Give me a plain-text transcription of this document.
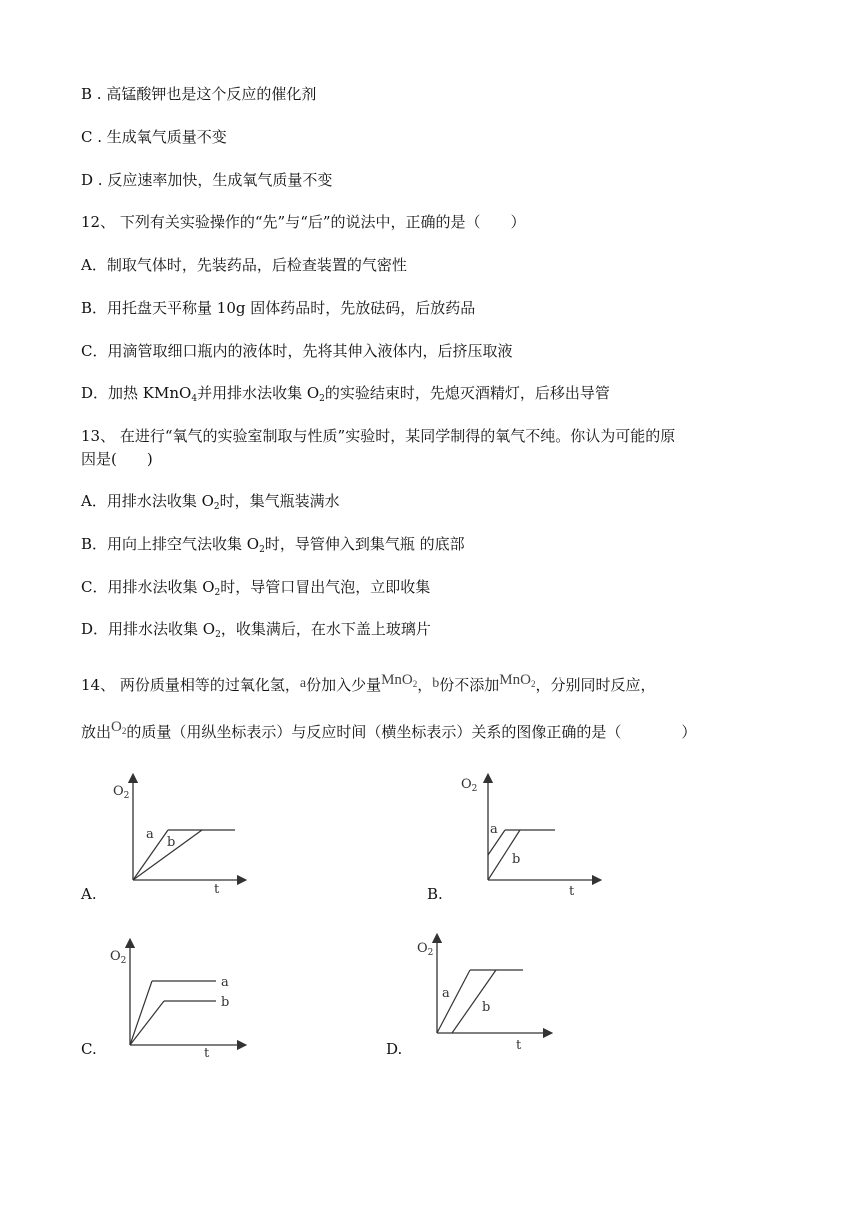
B . 高锰酸钾也是这个反应的催化剂
C . 生成氧气质量不变
D . 反应速率加快，生成氧气质量不变
12、 下列有关实验操作的“先”与“后”的说法中，正确的是（　　）
A．制取气体时，先装药品，后检查装置的气密性
B．用托盘天平称量 10g 固体药品时，先放砝码，后放药品
C．用滴管取细口瓶内的液体时，先将其伸入液体内，后挤压取液
D．加热 KMnO$_4$并用排水法收集 $O_2$的实验结束时，先熄灭酒精灯，后移出导管
13、 在进行“氧气的实验室制取与性质”实验时，某同学制得的氧气不纯。你认为可能的原
因是(　　)
A．用排水法收集 $O_2$时，集气瓶装满水
B．用向上排空气法收集 $O_2$时，导管伸入到集气瓶 的底部
C．用排水法收集 $O_2$时，导管口冒出气泡，立即收集
D．用排水法收集 $O_2$，收集满后，在水下盖上玻璃片
14、 两份质量相等的过氧化氢，a份加入少量MnO$_2$，b份不添加MnO$_2$，分别同时反应，
放出$O_2$的质量（用纵坐标表示）与反应时间（横坐标表示）关系的图像正确的是（　　　　）
$O_2$
t
a
b
A.
$O_2$
t
a
b
B.
$O_2$
t
a
b
C.
$O_2$
t
a
b
D.
